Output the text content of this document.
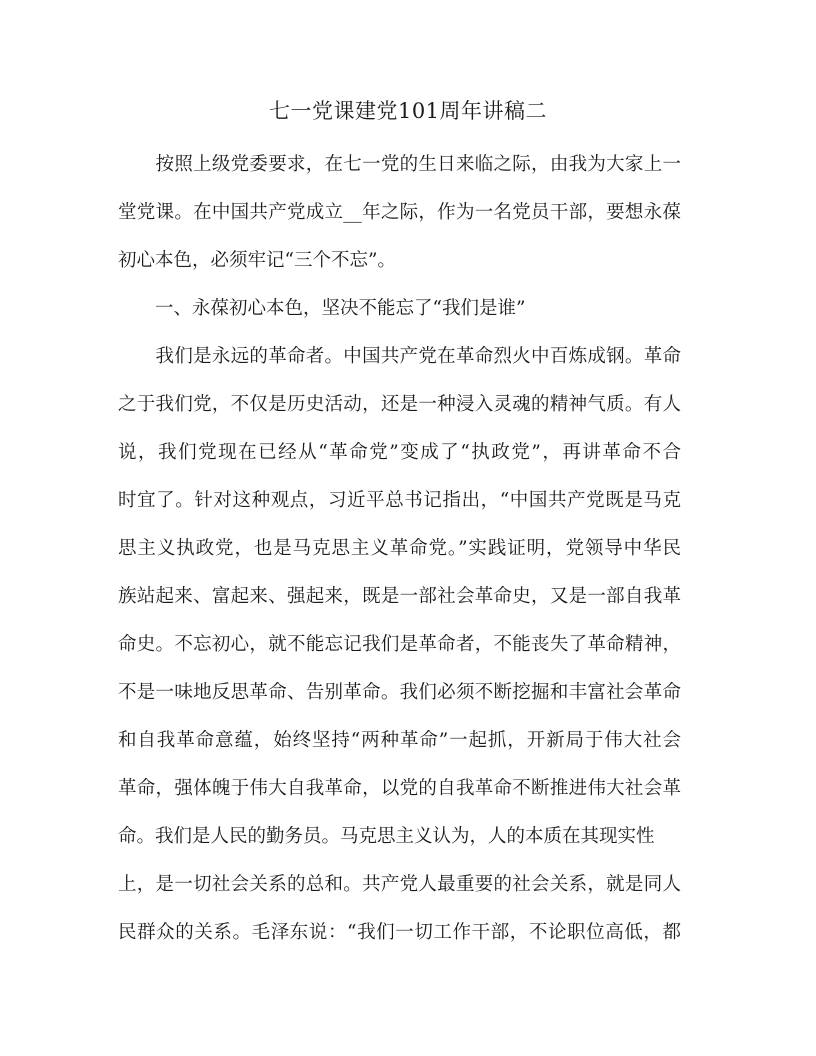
七一党课建党101周年讲稿二
　　按照上级党委要求，在七一党的生日来临之际，由我为大家上一
堂党课。在中国共产党成立__年之际，作为一名党员干部，要想永葆
初心本色，必须牢记“三个不忘”。
　　一、永葆初心本色，坚决不能忘了“我们是谁”
　　我们是永远的革命者。中国共产党在革命烈火中百炼成钢。革命
之于我们党，不仅是历史活动，还是一种浸入灵魂的精神气质。有人
说，我们党现在已经从“革命党”变成了“执政党”，再讲革命不合
时宜了。针对这种观点，习近平总书记指出，“中国共产党既是马克
思主义执政党，也是马克思主义革命党。”实践证明，党领导中华民
族站起来、富起来、强起来，既是一部社会革命史，又是一部自我革
命史。不忘初心，就不能忘记我们是革命者，不能丧失了革命精神，
不是一味地反思革命、告别革命。我们必须不断挖掘和丰富社会革命
和自我革命意蕴，始终坚持“两种革命”一起抓，开新局于伟大社会
革命，强体魄于伟大自我革命，以党的自我革命不断推进伟大社会革
命。我们是人民的勤务员。马克思主义认为，人的本质在其现实性
上，是一切社会关系的总和。共产党人最重要的社会关系，就是同人
民群众的关系。毛泽东说：“我们一切工作干部，不论职位高低，都
